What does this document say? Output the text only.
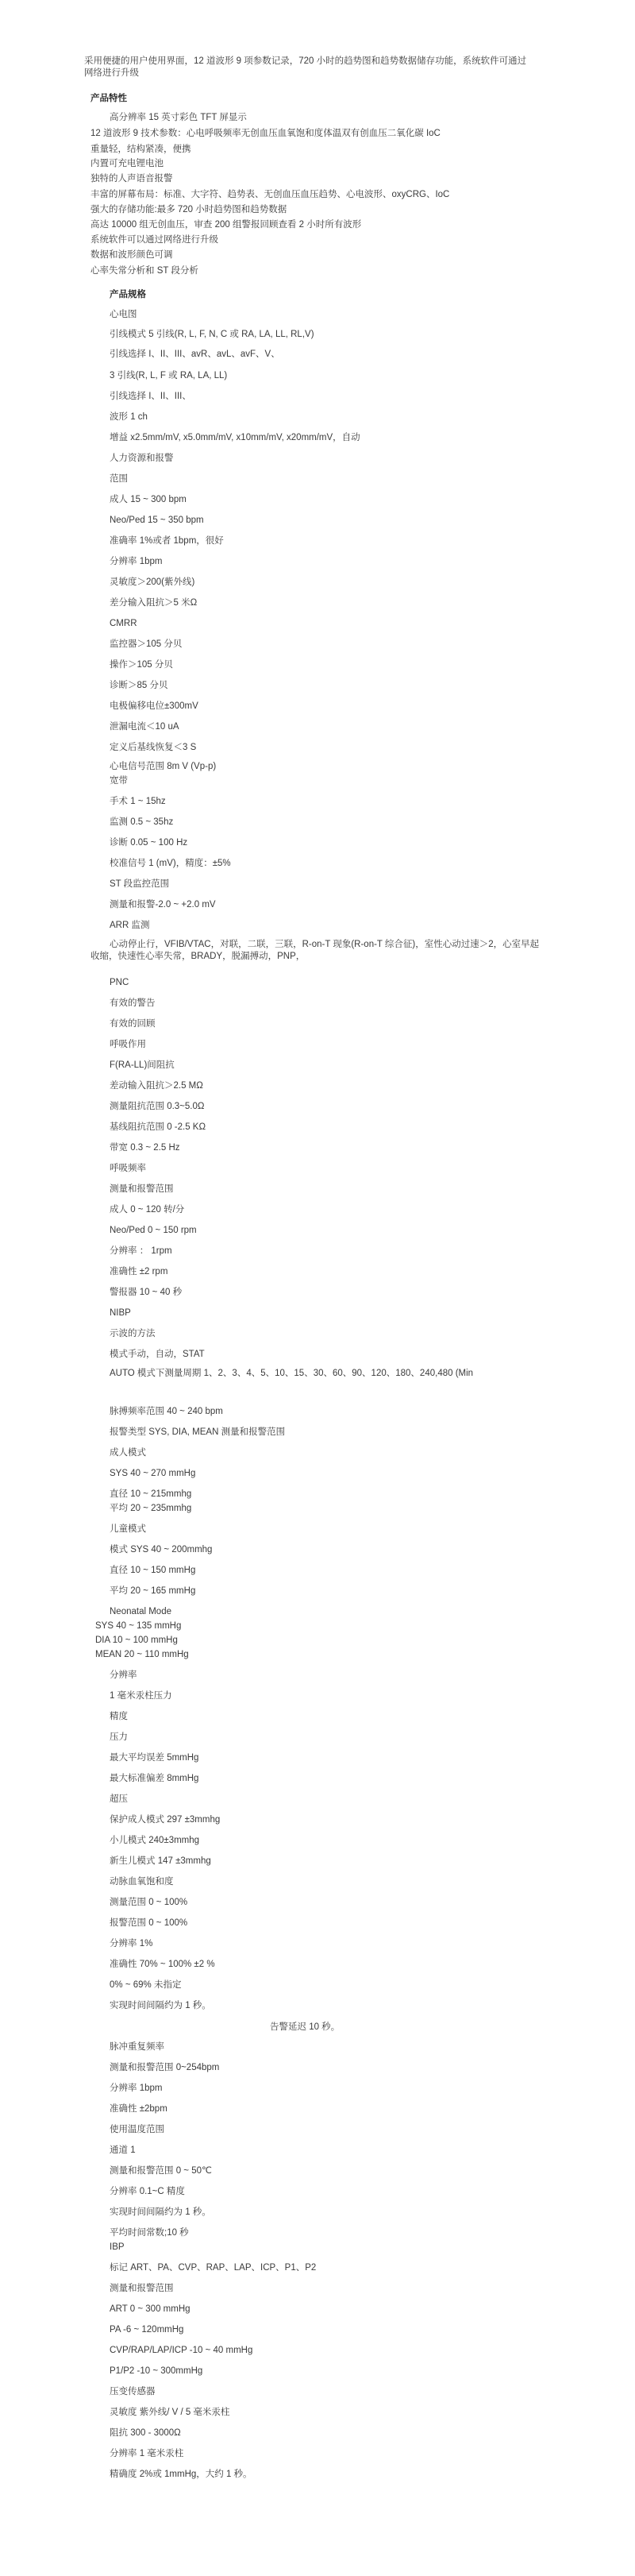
采用便捷的用户使用界面，12 道波形 9 项参数记录，720 小时的趋势图和趋势数据储存功能，系统软件可通过网络进行升级
产品特性
高分辨率 15 英寸彩色 TFT 屏显示
12 道波形 9 技术参数：心电呼吸频率无创血压血氧饱和度体温双有创血压二氧化碳 IoC
重量轻，结构紧凑，便携
内置可充电锂电池
独特的人声语音报警
丰富的屏幕布局：标准、大字符、趋势表、无创血压血压趋势、心电波形、oxyCRG、IoC
强大的存储功能:最多 720 小时趋势图和趋势数据
高达 10000 组无创血压，审查 200 组警报回顾查看 2 小时所有波形
系统软件可以通过网络进行升级
数据和波形颜色可调
心率失常分析和 ST 段分析
产品规格
心电图
引线模式 5 引线(R, L, F, N, C 或 RA, LA, LL, RL,V)
引线选择 I、II、III、avR、avL、avF、V、
3 引线(R, L, F 或 RA, LA, LL)
引线选择 I、II、III、
波形 1 ch
增益 x2.5mm/mV, x5.0mm/mV, x10mm/mV, x20mm/mV，自动
人力资源和报警
范围
成人 15 ~ 300 bpm
Neo/Ped 15 ~ 350 bpm
准确率 1%或者 1bpm，很好
分辨率 1bpm
灵敏度＞200(紫外线)
差分输入阻抗＞5 米Ω
CMRR
监控器＞105 分贝
操作＞105 分贝
诊断＞85 分贝
电极偏移电位±300mV
泄漏电流＜10 uA
定义后基线恢复＜3 S
心电信号范围 8m V (Vp-p)
宽带
手术 1 ~ 15hz
监测 0.5 ~ 35hz
诊断 0.05 ~ 100 Hz
校准信号 1 (mV)，精度：±5%
ST 段监控范围
测量和报警-2.0 ~ +2.0 mV
ARR 监测
心动停止行，VFIB/VTAC，对联，二联，三联，R-on-T 现象(R-on-T 综合征)，室性心动过速＞2，心室早起收缩，快速性心率失常，BRADY，脱漏搏动，PNP，
PNC
有效的警告
有效的回顾
呼吸作用
F(RA-LL)间阻抗
差动输入阻抗＞2.5 MΩ
测量阻抗范围 0.3~5.0Ω
基线阻抗范围 0 -2.5 KΩ
带宽 0.3 ~ 2.5 Hz
呼吸频率
测量和报警范围
成人 0 ~ 120 转/分
Neo/Ped 0 ~ 150 rpm
分辨率 ： 1rpm
准确性 ±2 rpm
警报器 10 ~ 40 秒
NIBP
示波的方法
模式手动，自动，STAT
AUTO 模式下测量周期 1、2、3、4、5、10、15、30、60、90、120、180、240,480 (Min
脉搏频率范围 40 ~ 240 bpm
报警类型 SYS, DIA, MEAN 测量和报警范围
成人模式
SYS 40 ~ 270 mmHg
直径 10 ~ 215mmhg
平均 20 ~ 235mmhg
儿童模式
模式 SYS 40 ~ 200mmhg
直径 10 ~ 150 mmHg
平均 20 ~ 165 mmHg
Neonatal Mode
SYS 40 ~ 135 mmHg
DIA 10 ~ 100 mmHg
MEAN 20 ~ 110 mmHg
分辨率
1 毫米汞柱压力
精度
压力
最大平均误差 5mmHg
最大标准偏差 8mmHg
超压
保护成人模式 297 ±3mmhg
小儿模式 240±3mmhg
新生儿模式 147 ±3mmhg
动脉血氧饱和度
测量范围 0 ~ 100%
报警范围 0 ~ 100%
分辨率 1%
准确性 70% ~ 100% ±2 %
0% ~ 69% 未指定
实现时间间隔约为 1 秒。
告警延迟 10 秒。
脉冲重复频率
测量和报警范围 0~254bpm
分辨率 1bpm
准确性 ±2bpm
使用温度范围
通道 1
测量和报警范围 0 ~ 50℃
分辨率 0.1~C 精度
实现时间间隔约为 1 秒。
平均时间常数;10 秒
IBP
标记 ART、PA、CVP、RAP、LAP、ICP、P1、P2
测量和报警范围
ART 0 ~ 300 mmHg
PA -6 ~ 120mmHg
CVP/RAP/LAP/ICP -10 ~ 40 mmHg
P1/P2 -10 ~ 300mmHg
压变传感器
灵敏度 紫外线/ V / 5 毫米汞柱
阻抗 300 - 3000Ω
分辨率 1 毫米汞柱
精确度 2%或 1mmHg，大约 1 秒。
